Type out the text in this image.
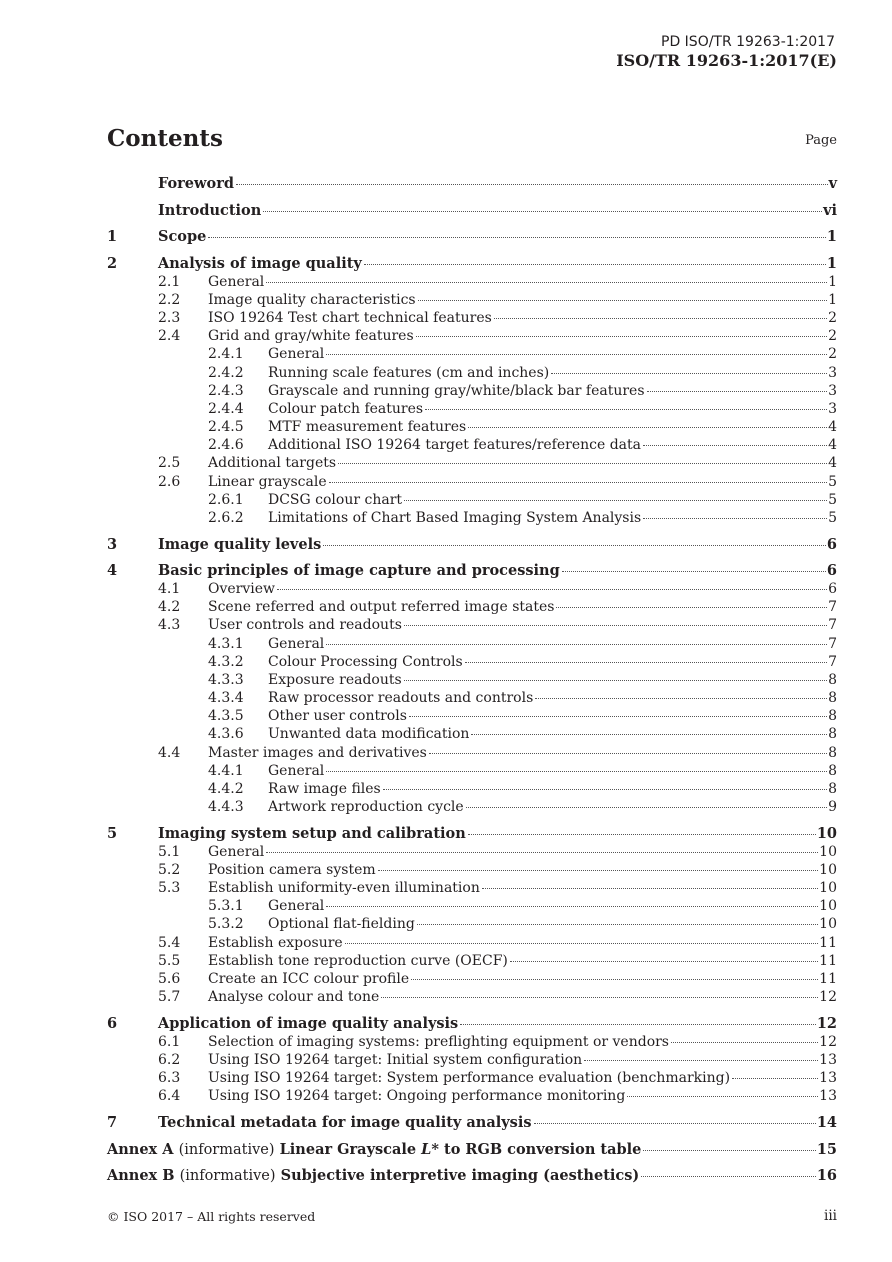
PD ISO/TR 19263-1:2017
ISO/TR 19263-1:2017(E)
Contents	Page
Foreword	v
Introduction	vi
1	Scope	1
2	Analysis of image quality	1
2.1	General	1
2.2	Image quality characteristics	1
2.3	ISO 19264 Test chart technical features	2
2.4	Grid and gray/white features	2
2.4.1	General	2
2.4.2	Running scale features (cm and inches)	3
2.4.3	Grayscale and running gray/white/black bar features	3
2.4.4	Colour patch features	3
2.4.5	MTF measurement features	4
2.4.6	Additional ISO 19264 target features/reference data	4
2.5	Additional targets	4
2.6	Linear grayscale	5
2.6.1	DCSG colour chart	5
2.6.2	Limitations of Chart Based Imaging System Analysis	5
3	Image quality levels	6
4	Basic principles of image capture and processing	6
4.1	Overview	6
4.2	Scene referred and output referred image states	7
4.3	User controls and readouts	7
4.3.1	General	7
4.3.2	Colour Processing Controls	7
4.3.3	Exposure readouts	8
4.3.4	Raw processor readouts and controls	8
4.3.5	Other user controls	8
4.3.6	Unwanted data modification	8
4.4	Master images and derivatives	8
4.4.1	General	8
4.4.2	Raw image files	8
4.4.3	Artwork reproduction cycle	9
5	Imaging system setup and calibration	10
5.1	General	10
5.2	Position camera system	10
5.3	Establish uniformity-even illumination	10
5.3.1	General	10
5.3.2	Optional flat-fielding	10
5.4	Establish exposure	11
5.5	Establish tone reproduction curve (OECF)	11
5.6	Create an ICC colour profile	11
5.7	Analyse colour and tone	12
6	Application of image quality analysis	12
6.1	Selection of imaging systems: preflighting equipment or vendors	12
6.2	Using ISO 19264 target: Initial system configuration	13
6.3	Using ISO 19264 target: System performance evaluation (benchmarking)	13
6.4	Using ISO 19264 target: Ongoing performance monitoring	13
7	Technical metadata for image quality analysis	14
Annex A (informative) Linear Grayscale L* to RGB conversion table	15
Annex B (informative) Subjective interpretive imaging (aesthetics)	16
© ISO 2017 – All rights reserved	iii
